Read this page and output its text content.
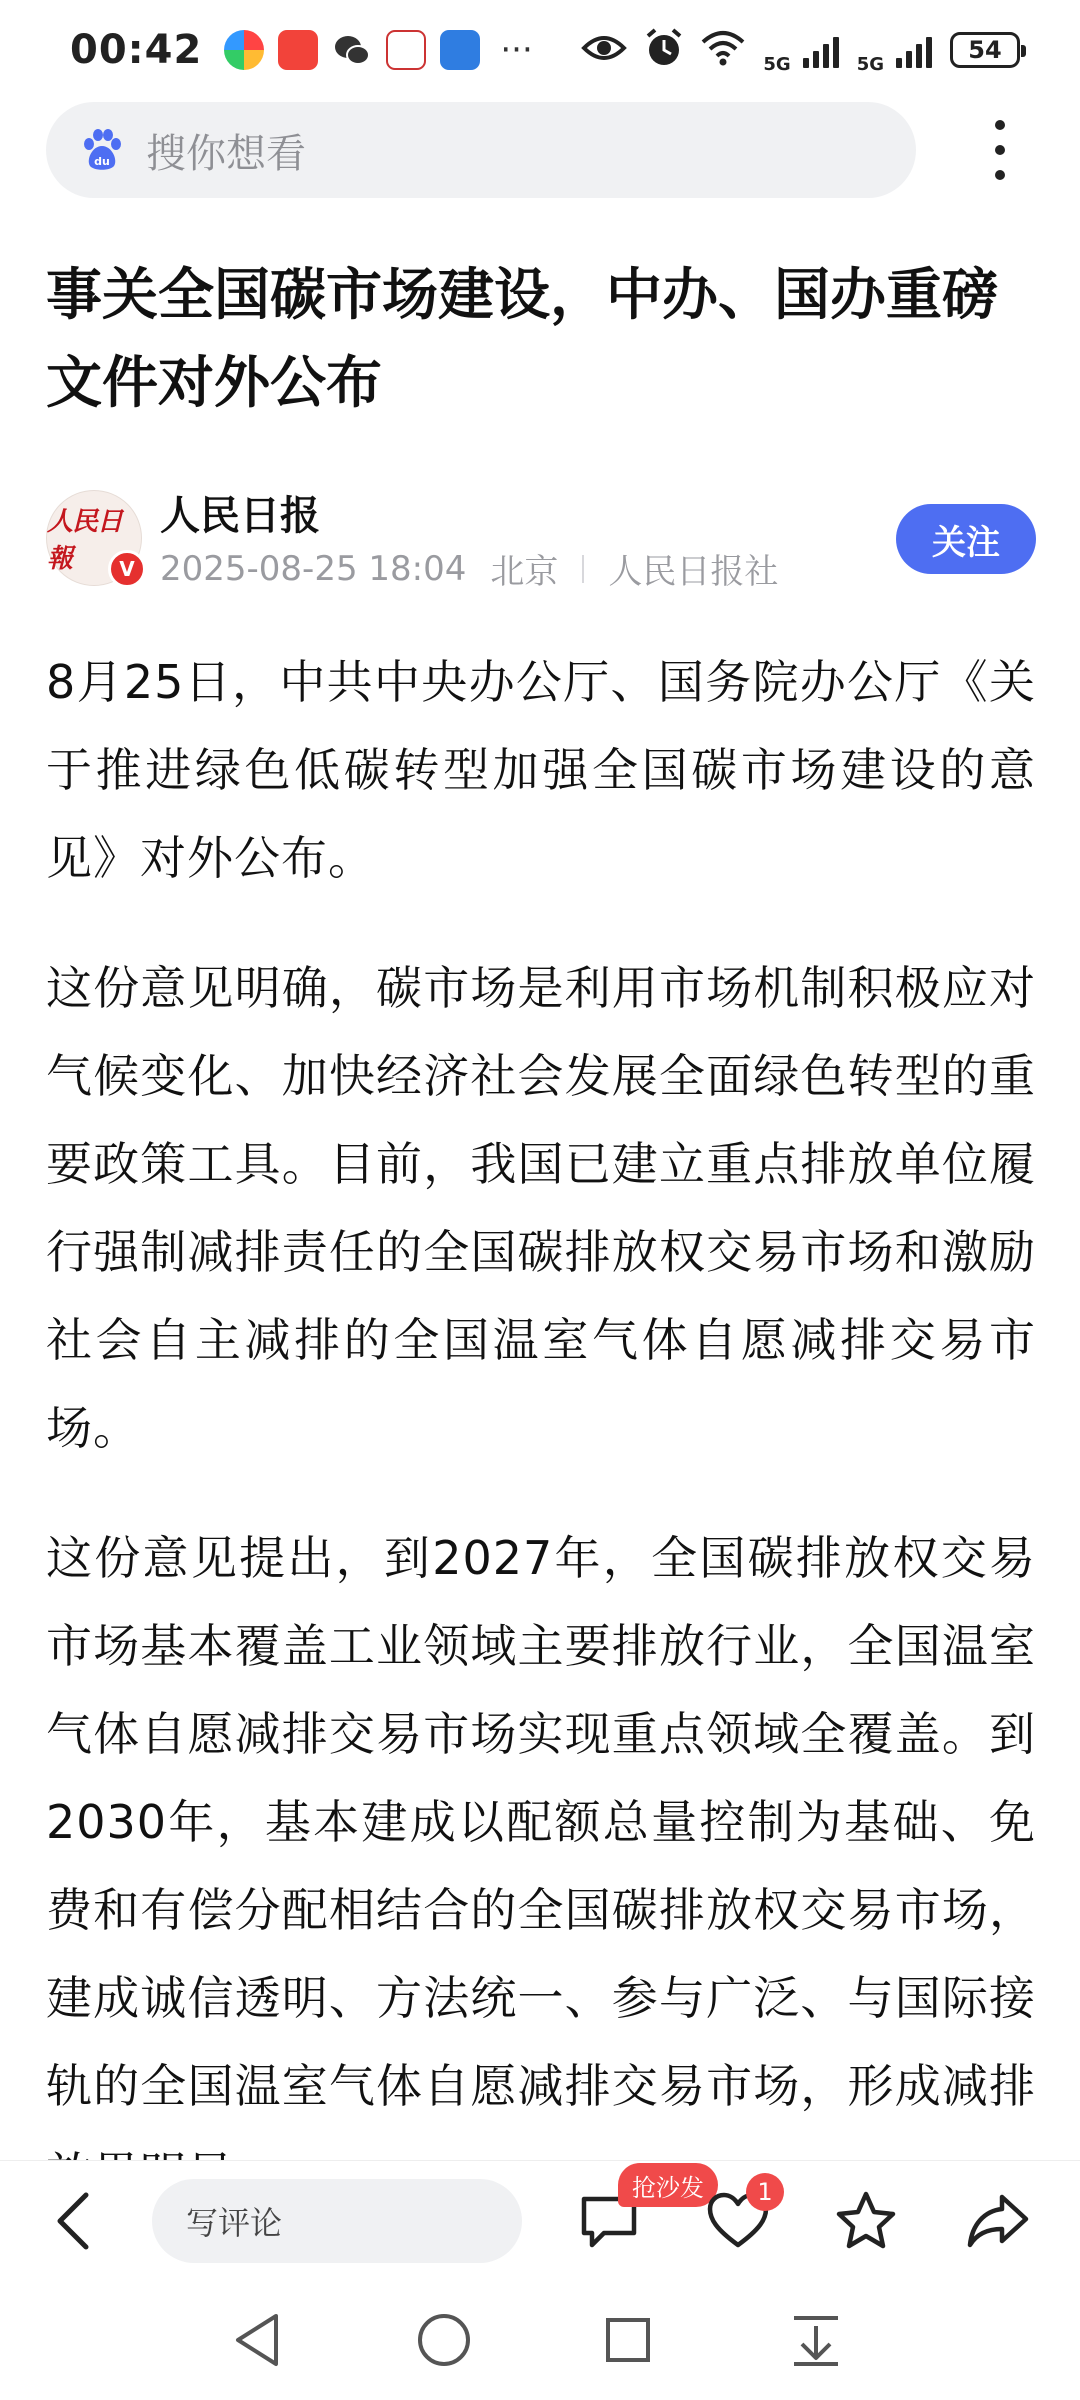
00:42	···	5G	5G	54
du 搜你想看
事关全国碳市场建设，中办、国办重磅文件对外公布
人民日報	V
人民日报
2025-08-25 18:04 北京 人民日报社
关注

8月25日，中共中央办公厅、国务院办公厅《关于推进绿色低碳转型加强全国碳市场建设的意见》对外公布。

这份意见明确，碳市场是利用市场机制积极应对气候变化、加快经济社会发展全面绿色转型的重要政策工具。目前，我国已建立重点排放单位履行强制减排责任的全国碳排放权交易市场和激励社会自主减排的全国温室气体自愿减排交易市场。

这份意见提出，到2027年，全国碳排放权交易市场基本覆盖工业领域主要排放行业，全国温室气体自愿减排交易市场实现重点领域全覆盖。到2030年，基本建成以配额总量控制为基础、免费和有偿分配相结合的全国碳排放权交易市场，建成诚信透明、方法统一、参与广泛、与国际接轨的全国温室气体自愿减排交易市场，形成减排

写评论
抢沙发	1
